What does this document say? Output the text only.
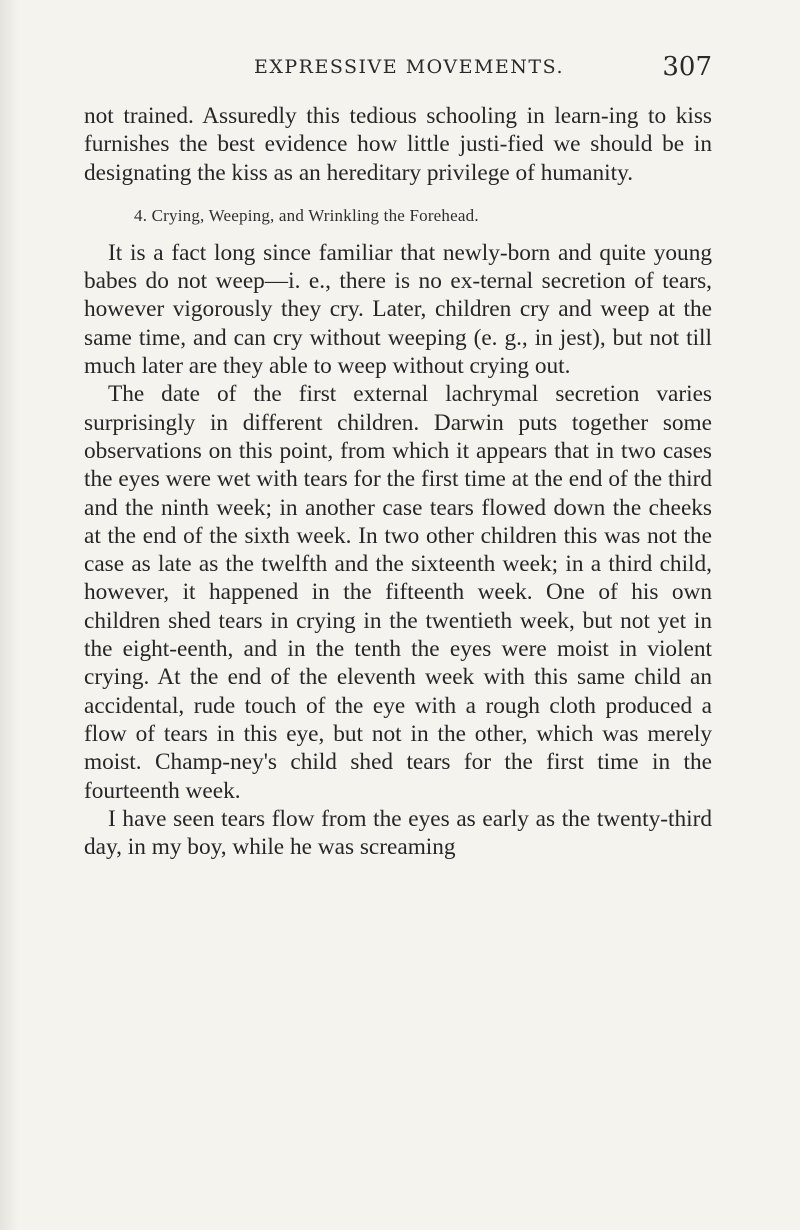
EXPRESSIVE MOVEMENTS.	307

not trained. Assuredly this tedious schooling in learn-ing to kiss furnishes the best evidence how little justi-fied we should be in designating the kiss as an hereditary privilege of humanity.

4. Crying, Weeping, and Wrinkling the Forehead.

It is a fact long since familiar that newly-born and quite young babes do not weep—i. e., there is no ex-ternal secretion of tears, however vigorously they cry. Later, children cry and weep at the same time, and can cry without weeping (e. g., in jest), but not till much later are they able to weep without crying out.

The date of the first external lachrymal secretion varies surprisingly in different children. Darwin puts together some observations on this point, from which it appears that in two cases the eyes were wet with tears for the first time at the end of the third and the ninth week; in another case tears flowed down the cheeks at the end of the sixth week. In two other children this was not the case as late as the twelfth and the sixteenth week; in a third child, however, it happened in the fifteenth week. One of his own children shed tears in crying in the twentieth week, but not yet in the eight-eenth, and in the tenth the eyes were moist in violent crying. At the end of the eleventh week with this same child an accidental, rude touch of the eye with a rough cloth produced a flow of tears in this eye, but not in the other, which was merely moist. Champ-ney's child shed tears for the first time in the fourteenth week.

I have seen tears flow from the eyes as early as the twenty-third day, in my boy, while he was screaming
